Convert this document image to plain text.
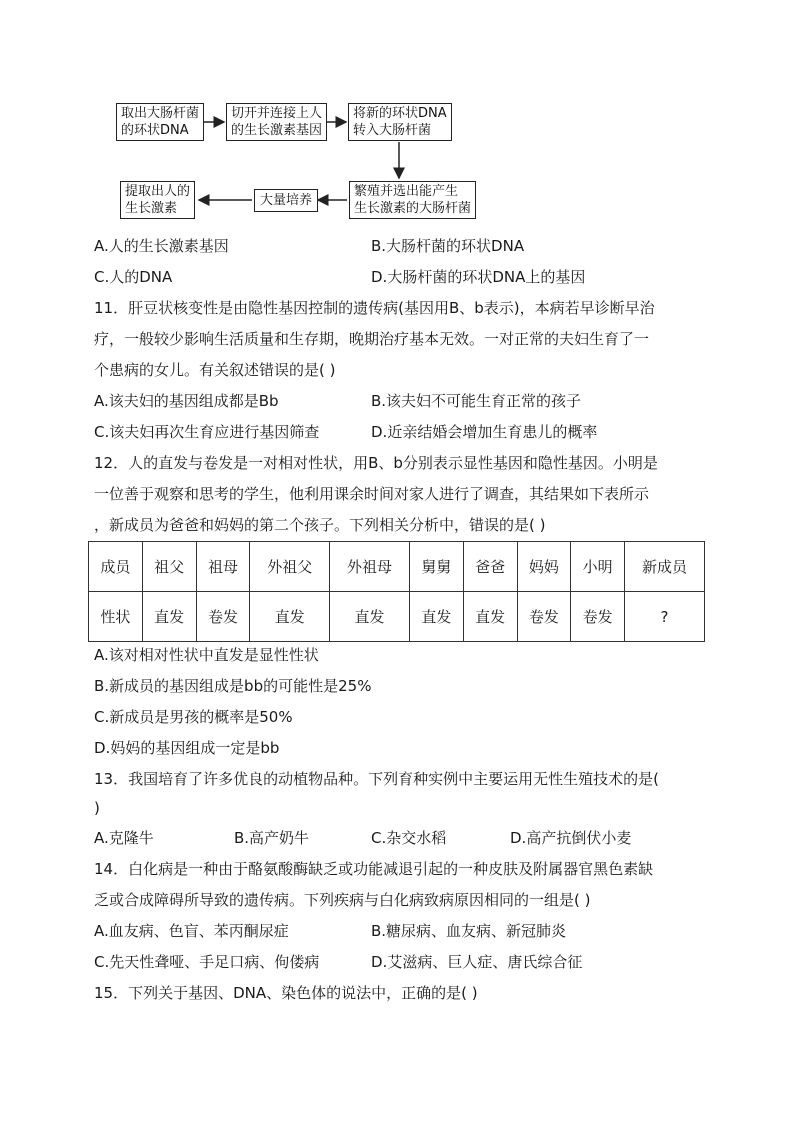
取出大肠杆菌
的环状DNA
切开并连接上人
的生长激素基因
将新的环状DNA
转入大肠杆菌
繁殖并选出能产生
生长激素的大肠杆菌
大量培养
提取出人的
生长激素
A.人的生长激素基因	B.大肠杆菌的环状DNA
C.人的DNA	D.大肠杆菌的环状DNA上的基因
11．肝豆状核变性是由隐性基因控制的遗传病(基因用B、b表示)，本病若早诊断早治
疗，一般较少影响生活质量和生存期，晚期治疗基本无效。一对正常的夫妇生育了一
个患病的女儿。有关叙述错误的是( )
A.该夫妇的基因组成都是Bb	B.该夫妇不可能生育正常的孩子
C.该夫妇再次生育应进行基因筛查	D.近亲结婚会增加生育患儿的概率
12．人的直发与卷发是一对相对性状，用B、b分别表示显性基因和隐性基因。小明是
一位善于观察和思考的学生，他利用课余时间对家人进行了调查，其结果如下表所示
，新成员为爸爸和妈妈的第二个孩子。下列相关分析中，错误的是( )
成员	祖父	祖母	外祖父	外祖母	舅舅	爸爸	妈妈	小明	新成员
性状	直发	卷发	直发	直发	直发	直发	卷发	卷发	?
A.该对相对性状中直发是显性性状
B.新成员的基因组成是bb的可能性是25%
C.新成员是男孩的概率是50%
D.妈妈的基因组成一定是bb
13．我国培育了许多优良的动植物品种。下列育种实例中主要运用无性生殖技术的是(
)
A.克隆牛	B.高产奶牛	C.杂交水稻	D.高产抗倒伏小麦
14．白化病是一种由于酪氨酸酶缺乏或功能减退引起的一种皮肤及附属器官黑色素缺
乏或合成障碍所导致的遗传病。下列疾病与白化病致病原因相同的一组是( )
A.血友病、色盲、苯丙酮尿症	B.糖尿病、血友病、新冠肺炎
C.先天性聋哑、手足口病、佝偻病	D.艾滋病、巨人症、唐氏综合征
15．下列关于基因、DNA、染色体的说法中，正确的是( )
